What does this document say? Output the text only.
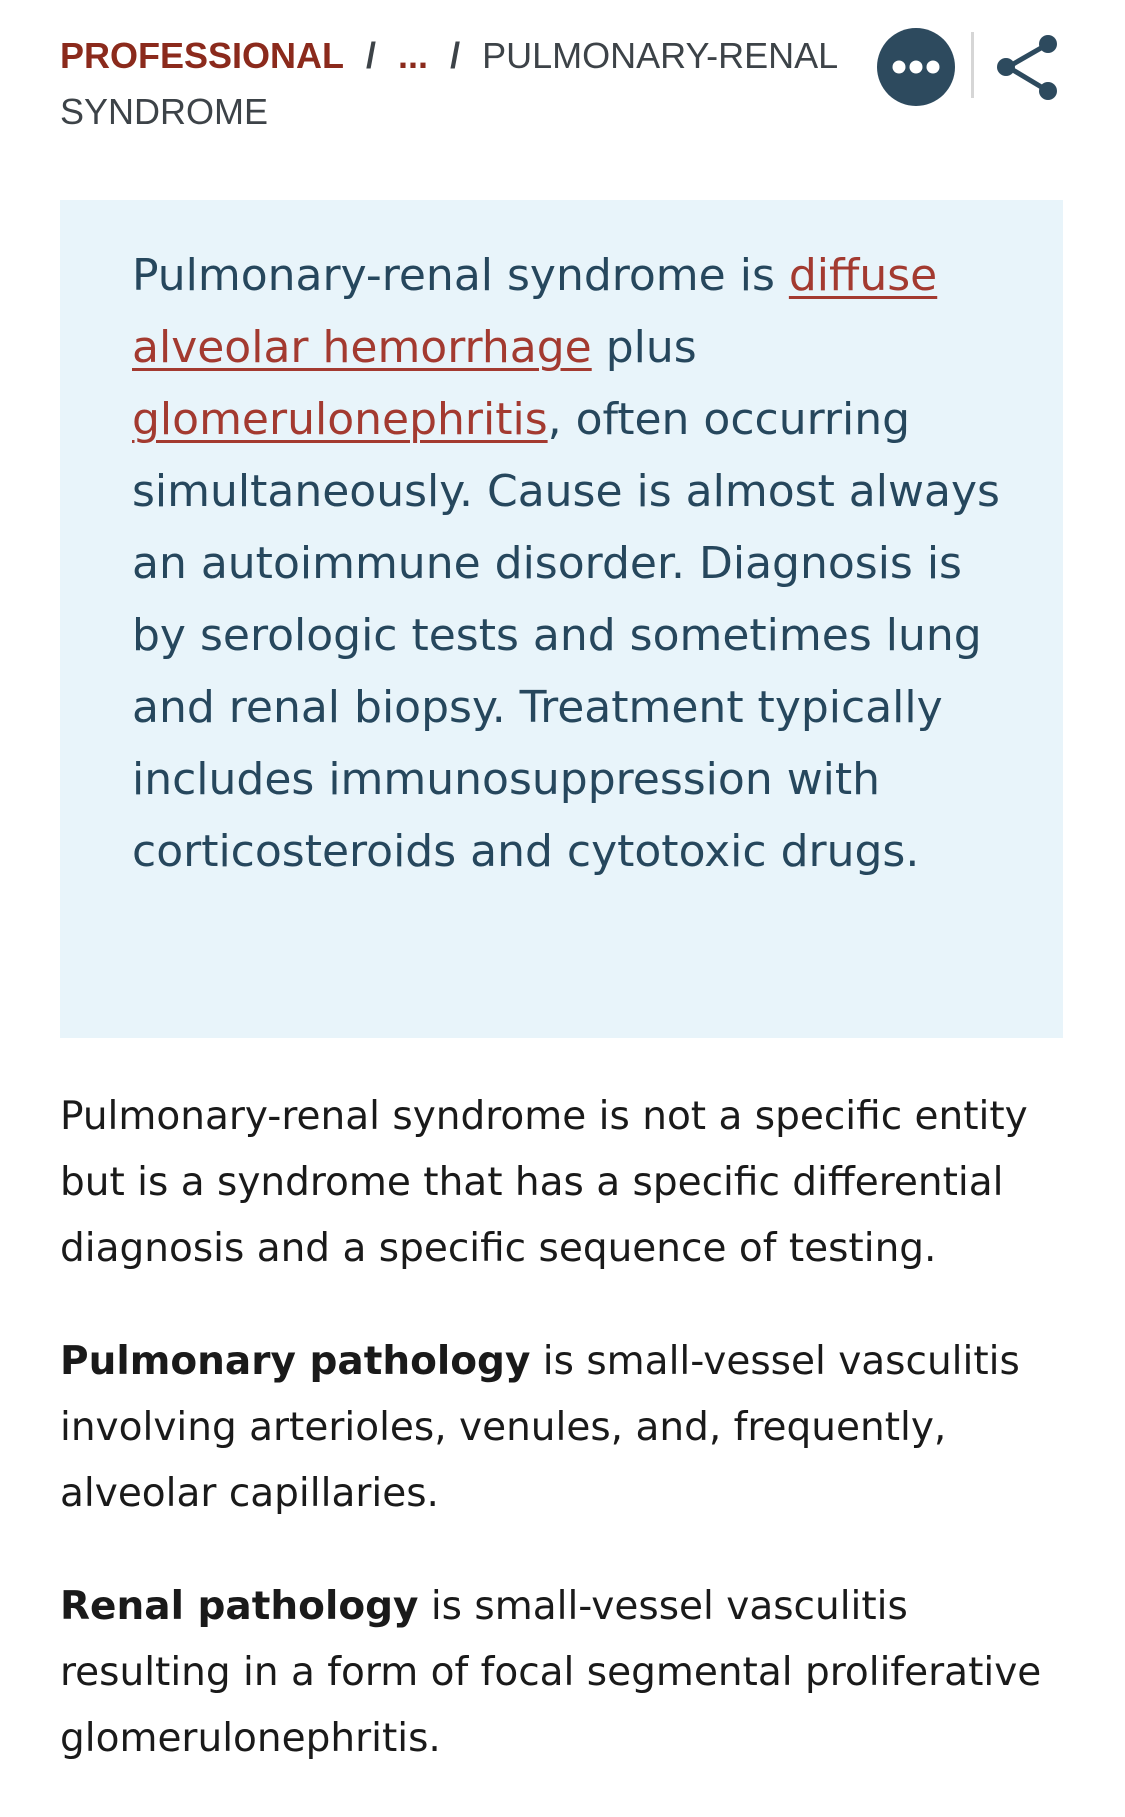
PROFESSIONAL / ... / PULMONARY-RENAL SYNDROME
Pulmonary-renal syndrome is diffuse alveolar hemorrhage plus glomerulonephritis, often occurring simultaneously. Cause is almost always an autoimmune disorder. Diagnosis is by serologic tests and sometimes lung and renal biopsy. Treatment typically includes immunosuppression with corticosteroids and cytotoxic drugs.

Pulmonary-renal syndrome is not a specific entity but is a syndrome that has a specific differential diagnosis and a specific sequence of testing.

Pulmonary pathology is small-vessel vasculitis involving arterioles, venules, and, frequently, alveolar capillaries.

Renal pathology is small-vessel vasculitis resulting in a form of focal segmental proliferative glomerulonephritis.
